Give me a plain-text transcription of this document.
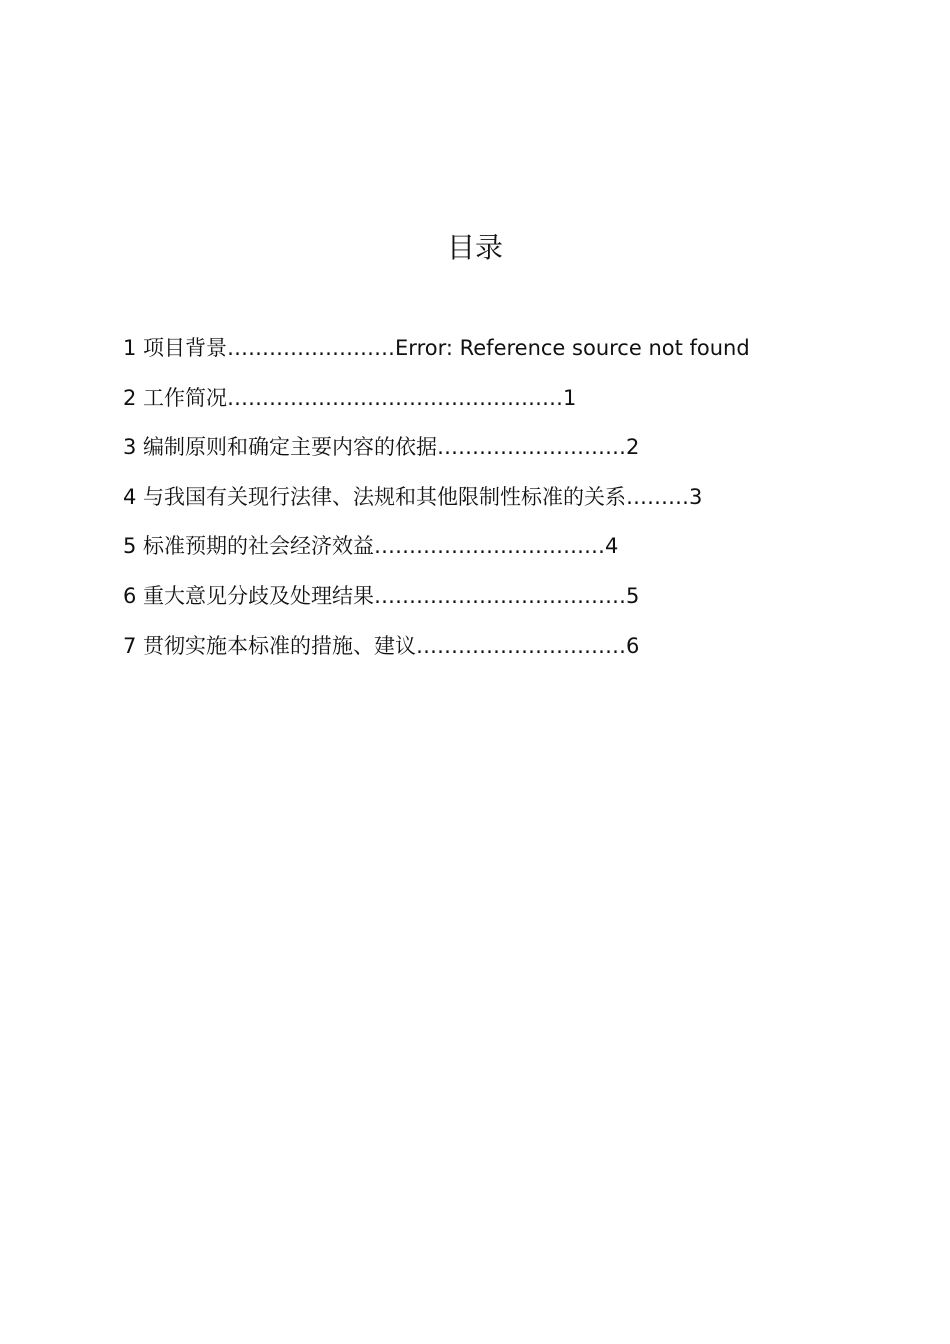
目录
1 项目背景……………………Error: Reference source not found
2 工作简况…………………………………………1
3 编制原则和确定主要内容的依据………………………2
4 与我国有关现行法律、法规和其他限制性标准的关系………3
5 标准预期的社会经济效益……………………………4
6 重大意见分歧及处理结果………………………………5
7 贯彻实施本标准的措施、建议…………………………6
